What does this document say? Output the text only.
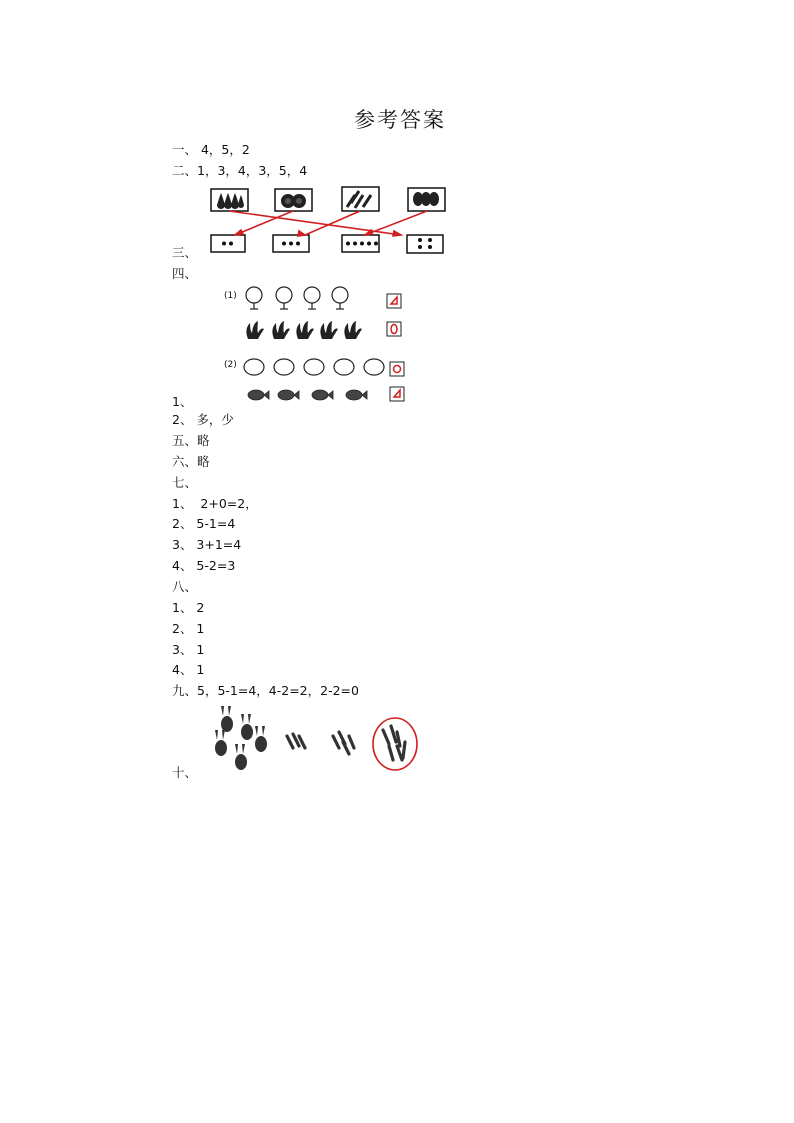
参考答案
一、 4，5，2
二、1，3，4，3，5，4
三、
四、
(1)
(2)
1、
2、 多，少
五、略
六、略
七、
1、  2+0=2，
2、 5-1=4
3、 3+1=4
4、 5-2=3
八、
1、 2
2、 1
3、 1
4、 1
九、5，5-1=4，4-2=2，2-2=0
十、
